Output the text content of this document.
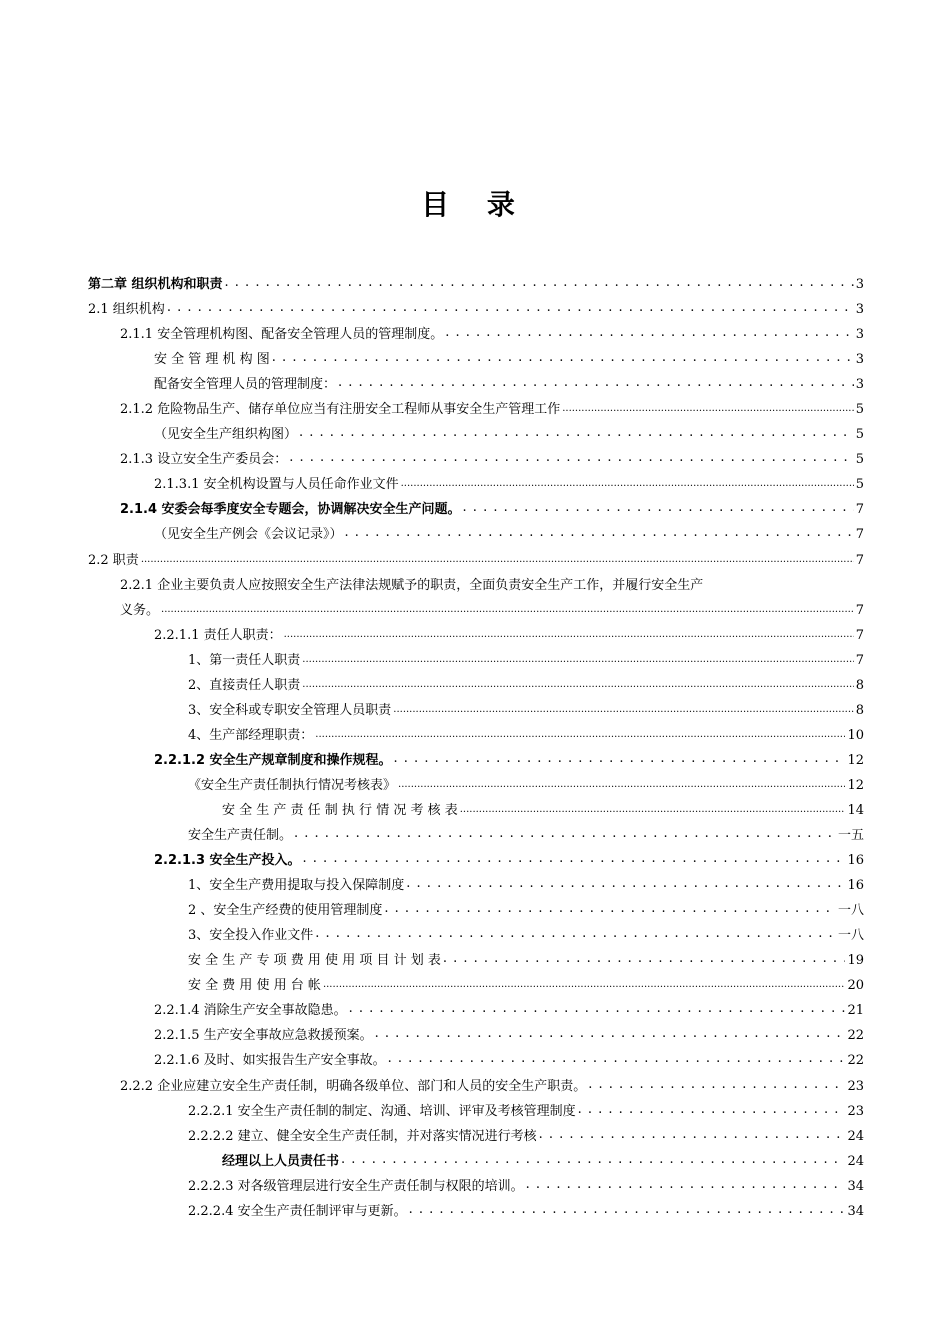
目 录
第二章 组织机构和职责 . . .	3
2.1 组织机构 . . .	3
2.1.1 安全管理机构图、配备安全管理人员的管理制度。 . . .	3
安 全 管 理 机 构 图 . . .	3
配备安全管理人员的管理制度： . . .	3
2.1.2 危险物品生产、储存单位应当有注册安全工程师从事安全生产管理工作 .....	5
（见安全生产组织构图） . . .	5
2.1.3 设立安全生产委员会： . . .	5
2.1.3.1 安全机构设置与人员任命作业文件 .....	5
2.1.4 安委会每季度安全专题会，协调解决安全生产问题。 . . .	7
（见安全生产例会《会议记录》） . . .	7
2.2 职责 .....	7
2.2.1 企业主要负责人应按照安全生产法律法规赋予的职责，全面负责安全生产工作，并履行安全生产
义务。 .....	7
2.2.1.1 责任人职责： .....	7
1、第一责任人职责 .....	7
2、直接责任人职责 .....	8
3、安全科或专职安全管理人员职责 .....	8
4、生产部经理职责： .....	10
2.2.1.2 安全生产规章制度和操作规程。 . . .	12
《安全生产责任制执行情况考核表》 .....	12
安 全 生 产 责 任 制 执 行 情 况 考 核 表 .....	14
安全生产责任制。 . . .	一五
2.2.1.3 安全生产投入。 . . .	16
1、安全生产费用提取与投入保障制度 . . .	16
2 、安全生产经费的使用管理制度 . . .	一八
3、安全投入作业文件 . . .	一八
安 全 生 产 专 项 费 用 使 用 项 目 计 划 表 . . .	19
安 全 费 用 使 用 台 帐 .....	20
2.2.1.4 消除生产安全事故隐患。 . . .	21
2.2.1.5 生产安全事故应急救援预案。 . . .	22
2.2.1.6 及时、如实报告生产安全事故。 . . .	22
2.2.2 企业应建立安全生产责任制，明确各级单位、部门和人员的安全生产职责。 . . .	23
2.2.2.1 安全生产责任制的制定、沟通、培训、评审及考核管理制度 . . .	23
2.2.2.2 建立、健全安全生产责任制，并对落实情况进行考核 . . .	24
经理以上人员责任书 . . .	24
2.2.2.3 对各级管理层进行安全生产责任制与权限的培训。 . . .	34
2.2.2.4 安全生产责任制评审与更新。 . . .	34
